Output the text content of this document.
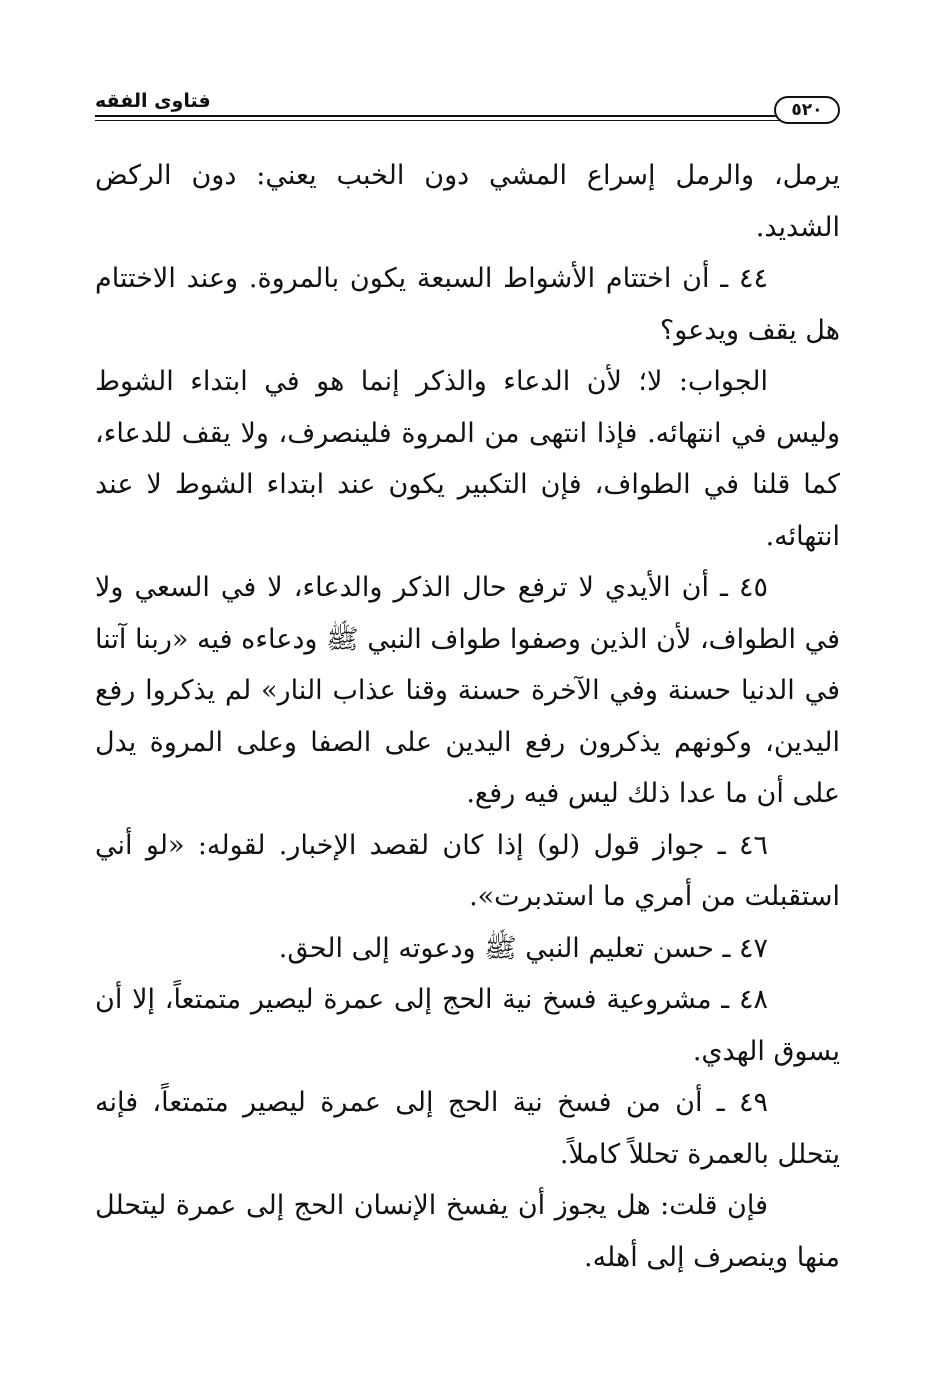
فتاوى الفقه	٥٢٠

يرمل، والرمل إسراع المشي دون الخبب يعني: دون الركض الشديد.

٤٤ ـ أن اختتام الأشواط السبعة يكون بالمروة. وعند الاختتام هل يقف ويدعو؟

الجواب: لا؛ لأن الدعاء والذكر إنما هو في ابتداء الشوط وليس في انتهائه. فإذا انتهى من المروة فلينصرف، ولا يقف للدعاء، كما قلنا في الطواف، فإن التكبير يكون عند ابتداء الشوط لا عند انتهائه.

٤٥ ـ أن الأيدي لا ترفع حال الذكر والدعاء، لا في السعي ولا في الطواف، لأن الذين وصفوا طواف النبي ﷺ ودعاءه فيه «ربنا آتنا في الدنيا حسنة وفي الآخرة حسنة وقنا عذاب النار» لم يذكروا رفع اليدين، وكونهم يذكرون رفع اليدين على الصفا وعلى المروة يدل على أن ما عدا ذلك ليس فيه رفع.

٤٦ ـ جواز قول (لو) إذا كان لقصد الإخبار. لقوله: «لو أني استقبلت من أمري ما استدبرت».

٤٧ ـ حسن تعليم النبي ﷺ ودعوته إلى الحق.

٤٨ ـ مشروعية فسخ نية الحج إلى عمرة ليصير متمتعاً، إلا أن يسوق الهدي.

٤٩ ـ أن من فسخ نية الحج إلى عمرة ليصير متمتعاً، فإنه يتحلل بالعمرة تحللاً كاملاً.

فإن قلت: هل يجوز أن يفسخ الإنسان الحج إلى عمرة ليتحلل منها وينصرف إلى أهله.
